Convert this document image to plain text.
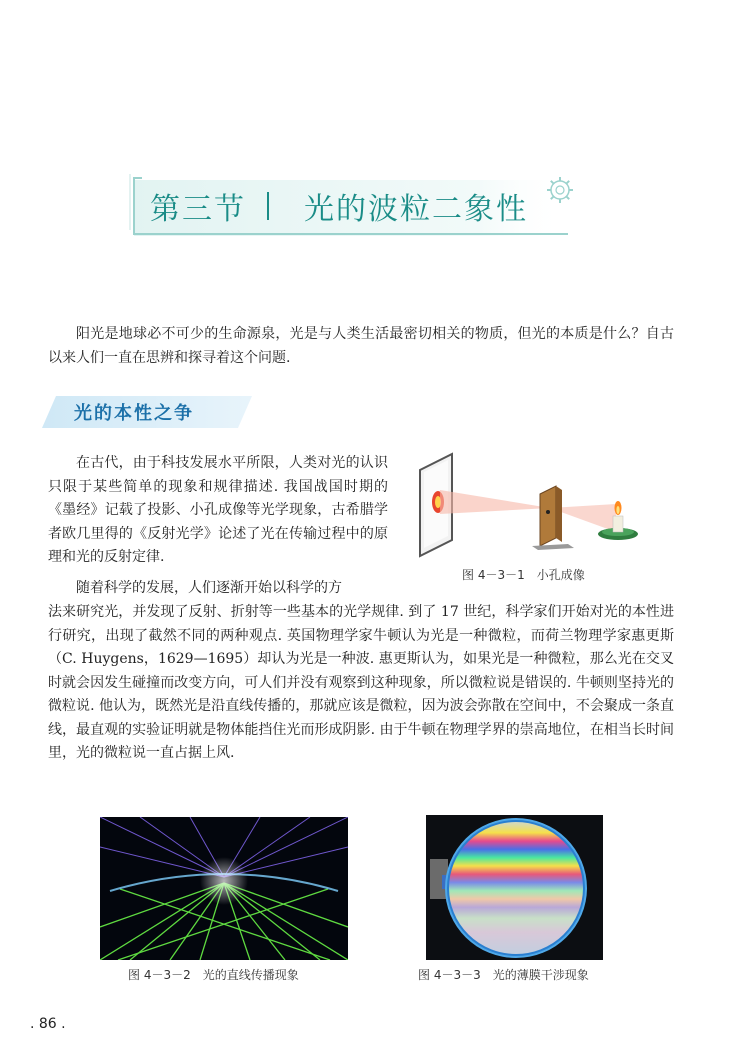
第三节 光的波粒二象性

阳光是地球必不可少的生命源泉，光是与人类生活最密切相关的物质，但光的本质是什么？自古以来人们一直在思辨和探寻着这个问题.

光的本性之争

在古代，由于科技发展水平所限，人类对光的认识只限于某些简单的现象和规律描述. 我国战国时期的《墨经》记载了投影、小孔成像等光学现象，古希腊学者欧几里得的《反射光学》论述了光在传输过程中的原理和光的反射定律.

随着科学的发展，人们逐渐开始以科学的方

法来研究光，并发现了反射、折射等一些基本的光学规律. 到了 17 世纪，科学家们开始对光的本性进行研究，出现了截然不同的两种观点. 英国物理学家牛顿认为光是一种微粒，而荷兰物理学家惠更斯（C. Huygens，1629—1695）却认为光是一种波. 惠更斯认为，如果光是一种微粒，那么光在交叉时就会因发生碰撞而改变方向，可人们并没有观察到这种现象，所以微粒说是错误的. 牛顿则坚持光的微粒说. 他认为，既然光是沿直线传播的，那就应该是微粒，因为波会弥散在空间中，不会聚成一条直线，最直观的实验证明就是物体能挡住光而形成阴影. 由于牛顿在物理学界的崇高地位，在相当长时间里，光的微粒说一直占据上风.

图 4－3－1　小孔成像
图 4－3－2　光的直线传播现象	图 4－3－3　光的薄膜干涉现象
. 86 .
